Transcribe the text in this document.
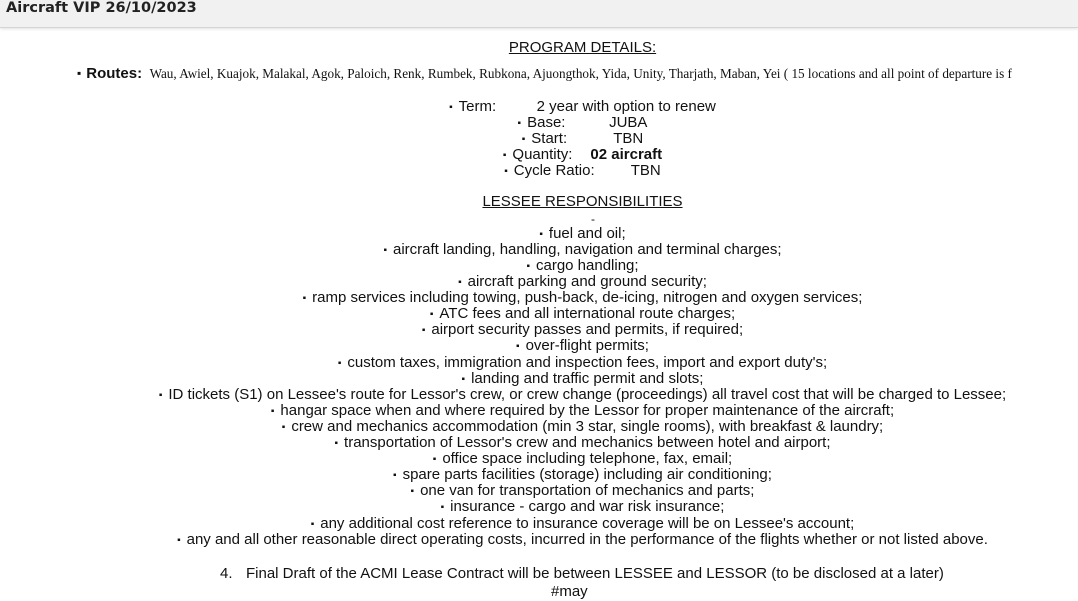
Aircraft VIP 26/10/2023
PROGRAM DETAILS:
▪ Routes: Wau, Awiel, Kuajok, Malakal, Agok, Paloich, Renk, Rumbek, Rubkona, Ajuongthok, Yida, Unity, Tharjath, Maban, Yei ( 15 locations and all point of departure is f
▪ Term:	2 year with option to renew
▪ Base:	JUBA
▪ Start:	TBN
▪ Quantity: 02 aircraft
▪ Cycle Ratio: TBN
LESSEE RESPONSIBILITIES
-
▪ fuel and oil;
▪ aircraft landing, handling, navigation and terminal charges;
▪ cargo handling;
▪ aircraft parking and ground security;
▪ ramp services including towing, push-back, de-icing, nitrogen and oxygen services;
▪ ATC fees and all international route charges;
▪ airport security passes and permits, if required;
▪ over-flight permits;
▪ custom taxes, immigration and inspection fees, import and export duty's;
▪ landing and traffic permit and slots;
▪ ID tickets (S1) on Lessee's route for Lessor's crew, or crew change (proceedings) all travel cost that will be charged to Lessee;
▪ hangar space when and where required by the Lessor for proper maintenance of the aircraft;
▪ crew and mechanics accommodation (min 3 star, single rooms), with breakfast & laundry;
▪ transportation of Lessor's crew and mechanics between hotel and airport;
▪ office space including telephone, fax, email;
▪ spare parts facilities (storage) including air conditioning;
▪ one van for transportation of mechanics and parts;
▪ insurance - cargo and war risk insurance;
▪ any additional cost reference to insurance coverage will be on Lessee's account;
▪ any and all other reasonable direct operating costs, incurred in the performance of the flights whether or not listed above.
4. Final Draft of the ACMI Lease Contract will be between LESSEE and LESSOR (to be disclosed at a later)
#may
